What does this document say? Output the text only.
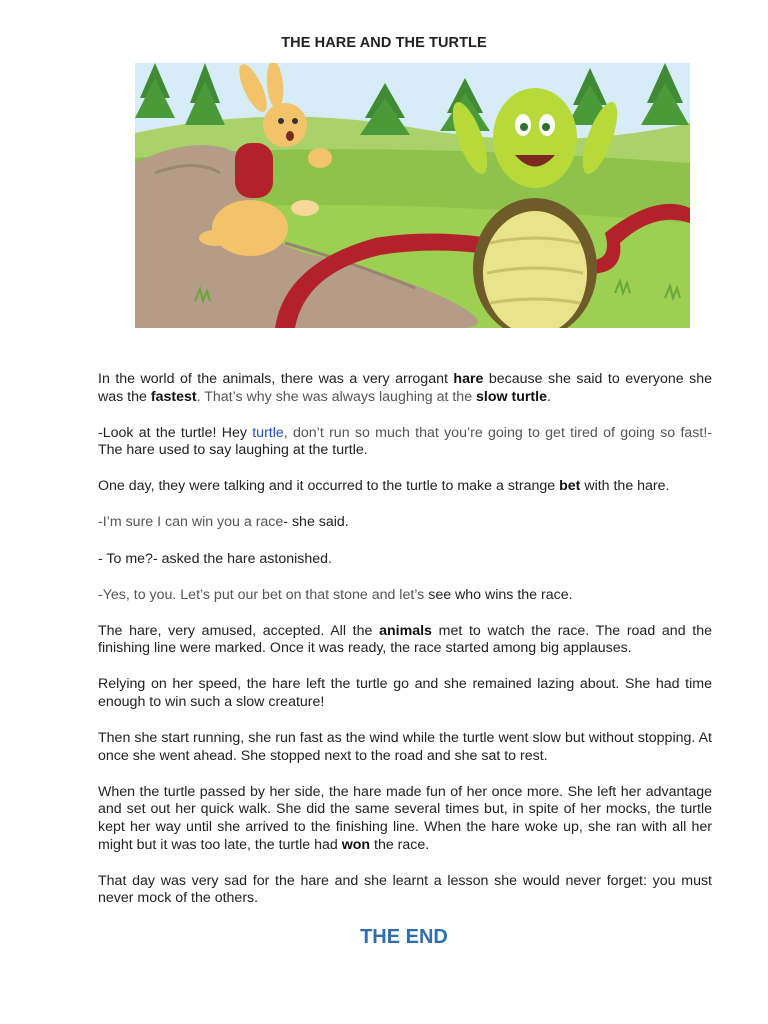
THE HARE AND THE TURTLE

In the world of the animals, there was a very arrogant hare because she said to everyone she was the fastest. That’s why she was always laughing at the slow turtle.

-Look at the turtle! Hey turtle, don’t run so much that you’re going to get tired of going so fast!- The hare used to say laughing at the turtle.

One day, they were talking and it occurred to the turtle to make a strange bet with the hare.

-I’m sure I can win you a race- she said.

- To me?- asked the hare astonished.

-Yes, to you. Let’s put our bet on that stone and let’s see who wins the race.

The hare, very amused, accepted. All the animals met to watch the race. The road and the finishing line were marked. Once it was ready, the race started among big applauses.

Relying on her speed, the hare left the turtle go and she remained lazing about. She had time enough to win such a slow creature!

Then she start running, she run fast as the wind while the turtle went slow but without stopping. At once she went ahead. She stopped next to the road and she sat to rest.

When the turtle passed by her side, the hare made fun of her once more. She left her advantage and set out her quick walk. She did the same several times but, in spite of her mocks, the turtle kept her way until she arrived to the finishing line. When the hare woke up, she ran with all her might but it was too late, the turtle had won the race.

That day was very sad for the hare and she learnt a lesson she would never forget: you must never mock of the others.

THE END
